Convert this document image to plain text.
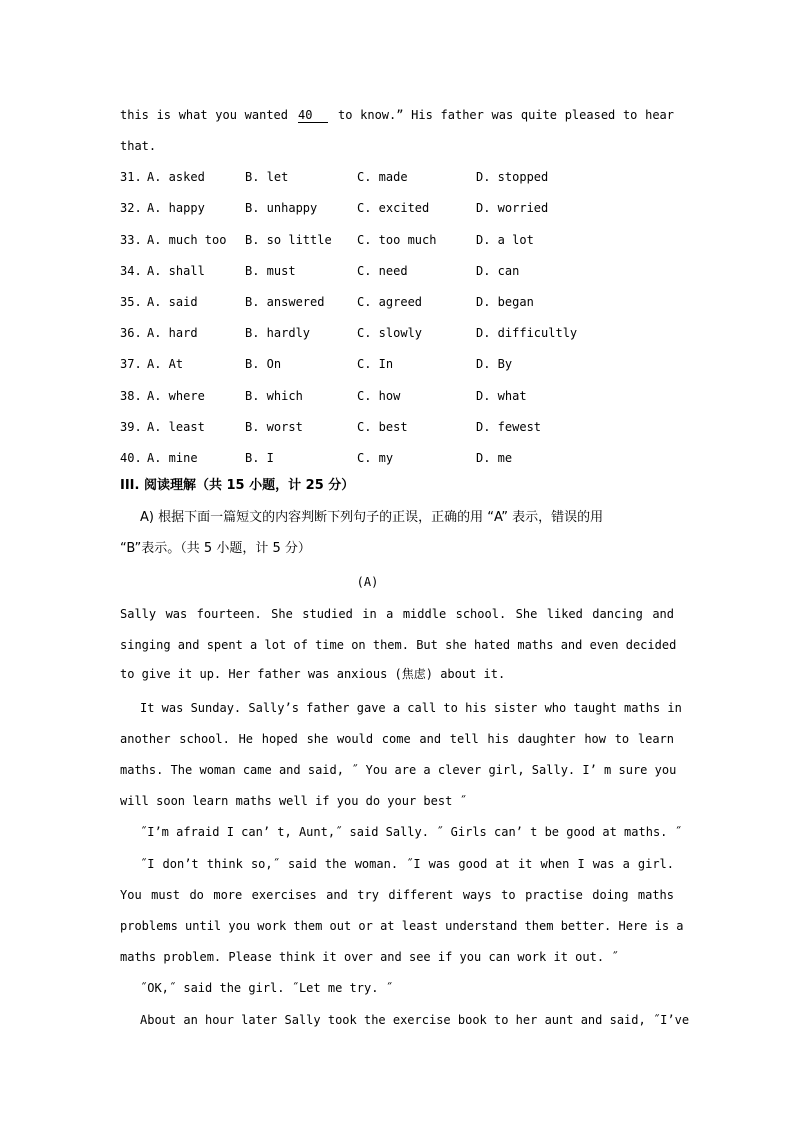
this is what you wanted 40 to know.” His father was quite pleased to hear
that.
31. A. asked	B. let	C. made	D. stopped
32. A. happy	B. unhappy	C. excited	D. worried
33. A. much too B. so little C. too much	D. a lot
34. A. shall	B. must	C. need	D. can
35. A. said	B. answered	C. agreed	D. began
36. A. hard	B. hardly	C. slowly	D. difficultly
37. A. At	B. On	C. In	D. By
38. A. where	B. which	C. how	D. what
39. A. least	B. worst	C. best	D. fewest
40. A. mine	B. I	C. my	D. me
III. 阅读理解（共 15 小题，计 25 分）
A) 根据下面一篇短文的内容判断下列句子的正误，正确的用 “A” 表示，错误的用
“B”表示。（共 5 小题，计 5 分）
(A)
Sally was fourteen. She studied in a middle school. She liked dancing and
singing and spent a lot of time on them. But she hated maths and even decided
to give it up. Her father was anxious (焦虑) about it.
It was Sunday. Sally’s father gave a call to his sister who taught maths in
another school. He hoped she would come and tell his daughter how to learn
maths. The woman came and said, ˝ You are a clever girl, Sally. I’ m sure you
will soon learn maths well if you do your best ˝
˝I’m afraid I can’ t, Aunt,˝ said Sally. ˝ Girls can’ t be good at maths. ˝
˝I don’t think so,˝ said the woman. ˝I was good at it when I was a girl.
You must do more exercises and try different ways to practise doing maths
problems until you work them out or at least understand them better. Here is a
maths problem. Please think it over and see if you can work it out. ˝
˝OK,˝ said the girl. ˝Let me try. ˝
About an hour later Sally took the exercise book to her aunt and said, ˝I’ve
